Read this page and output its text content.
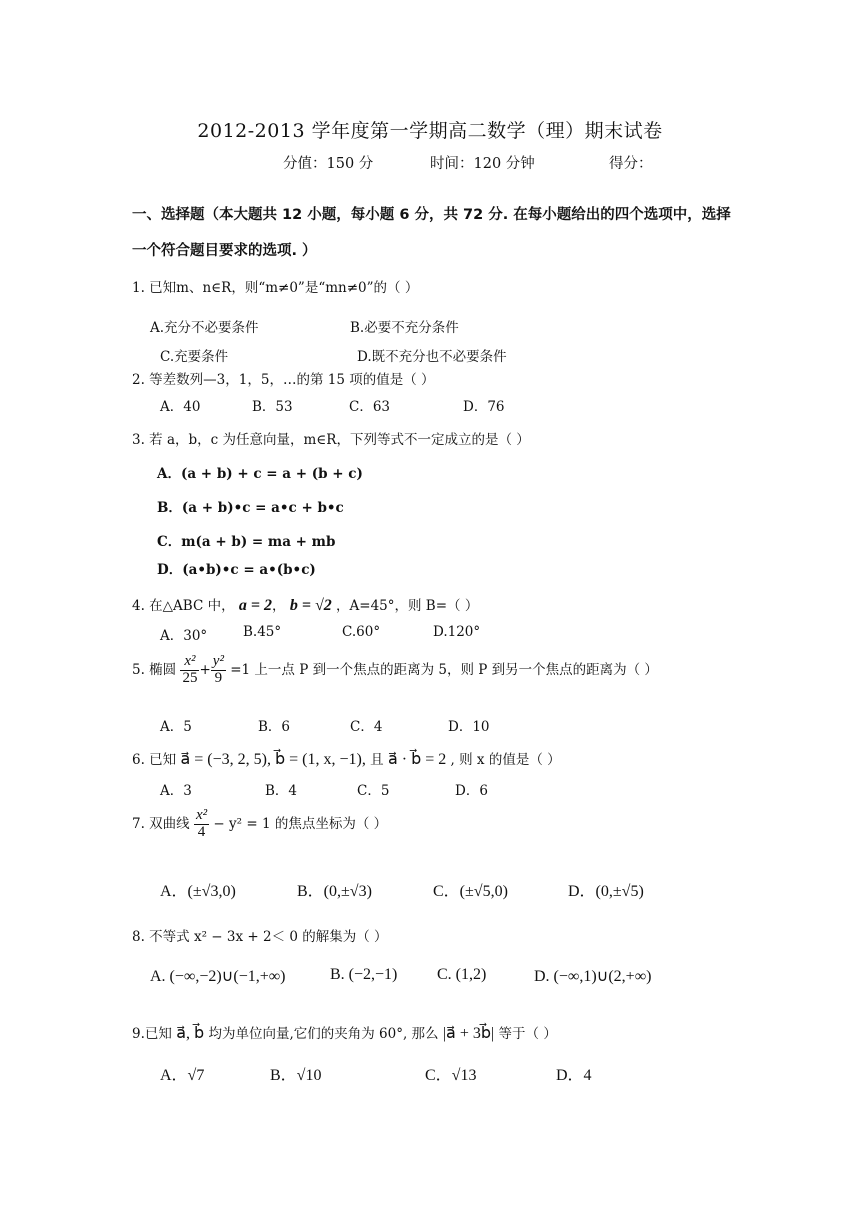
2012-2013 学年度第一学期高二数学（理）期末试卷
分值：150 分	时间：120 分钟	得分：
一、选择题（本大题共 12 小题，每小题 6 分，共 72 分. 在每小题给出的四个选项中，选择
一个符合题目要求的选项. ）
1. 已知m、n∈R，则“m≠0”是“mn≠0”的（ ）
A.充分不必要条件	B.必要不充分条件
C.充要条件	D.既不充分也不必要条件
2. 等差数列—3，1，5，…的第 15 项的值是（ ）
A．40	B．53	C．63	D．76
3. 若 a，b，c 为任意向量，m∈R，下列等式不一定成立的是（ ）
A．(a + b) + c = a + (b + c)
B．(a + b)•c = a•c + b•c
C．m(a + b) = ma + mb
D．(a•b)•c = a•(b•c)
4. 在△ABC 中， a = 2， b = √2 ，A=45°，则 B=（ ）
A．30°	B.45°	C.60°	D.120°
5. 椭圆 $\frac{\text{x²}}{25} + \frac{\text{y²}}{9} =1$ 上一点 P 到一个焦点的距离为 5，则 P 到另一个焦点的距离为（ ）
A．5	B．6	C．4	D．10
6. 已知 a⃗ = (−3, 2, 5), b⃗ = (1, x, −1), 且 a⃗ · b⃗ = 2 , 则 x 的值是（ ）
A．3	B．4	C．5	D．6
7. 双曲线 $\frac{\text{x²}}{4} - y^2 = 1$ 的焦点坐标为（ ）
A．(±√3,0)	B．(0,±√3)	C．(±√5,0)	D．(0,±√5)
8. 不等式 x² − 3x + 2＜ 0 的解集为（ ）
A. (−∞,−2)∪(−1,+∞)	B. (−2,−1) C. (1,2)	D. (−∞,1)∪(2,+∞)
9.已知 a⃗, b⃗ 均为单位向量,它们的夹角为 60°, 那么 |a⃗ + 3b⃗| 等于（ ）
A．√7	B．√10	C．√13	D．4
